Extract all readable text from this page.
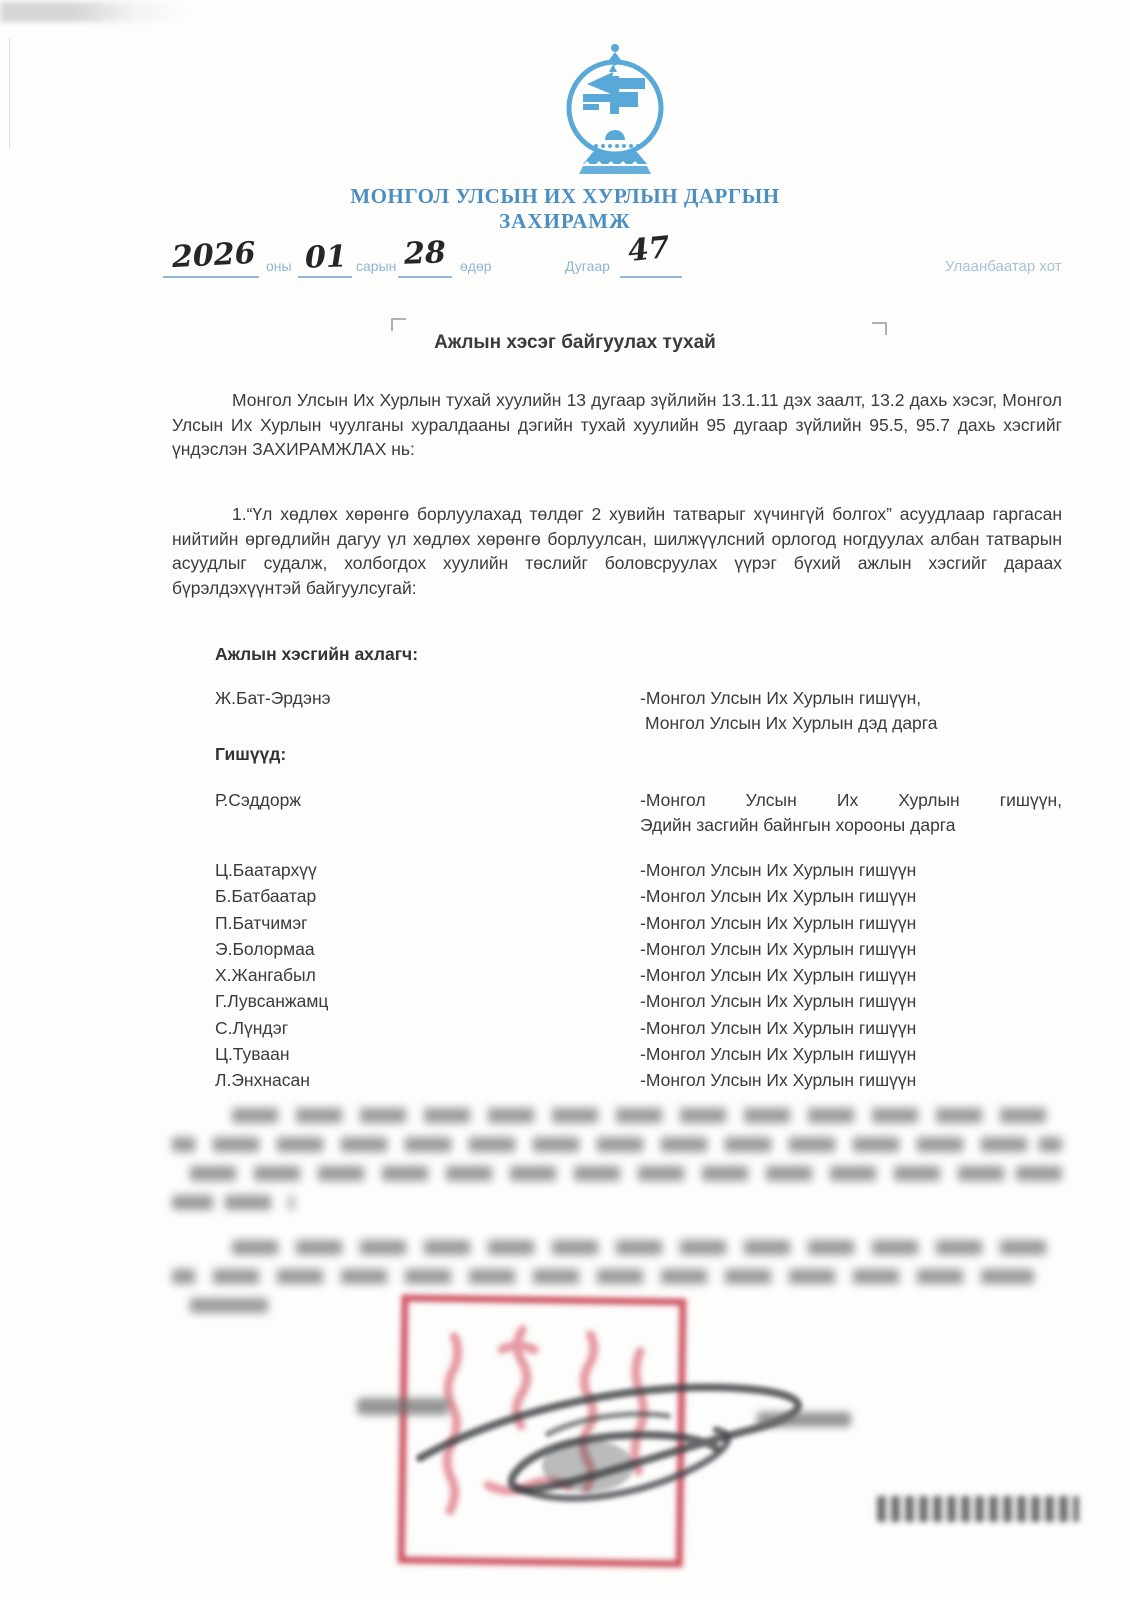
МОНГОЛ УЛСЫН ИХ ХУРЛЫН ДАРГЫН
ЗАХИРАМЖ
2026 оны 01 сарын 28 өдөр	Дугаар 47	Улаанбаатар хот
Ажлын хэсэг байгуулах тухай
Монгол Улсын Их Хурлын тухай хуулийн 13 дугаар зүйлийн 13.1.11 дэх заалт, 13.2 дахь хэсэг, Монгол Улсын Их Хурлын чуулганы хуралдааны дэгийн тухай хуулийн 95 дугаар зүйлийн 95.5, 95.7 дахь хэсгийг үндэслэн ЗАХИРАМЖЛАХ нь:
1.“Үл хөдлөх хөрөнгө борлуулахад төлдөг 2 хувийн татварыг хүчингүй болгох” асуудлаар гаргасан нийтийн өргөдлийн дагуу үл хөдлөх хөрөнгө борлуулсан, шилжүүлсний орлогод ногдуулах албан татварын асуудлыг судалж, холбогдох хуулийн төслийг боловсруулах үүрэг бүхий ажлын хэсгийг дараах бүрэлдэхүүнтэй байгуулсугай:
Ажлын хэсгийн ахлагч:
Ж.Бат-Эрдэнэ	-Монгол Улсын Их Хурлын гишүүн,
Монгол Улсын Их Хурлын дэд дарга
Гишүүд:
Р.Сэддорж	-Монгол Улсын Их Хурлын гишүүн,
Эдийн засгийн байнгын хорооны дарга
Ц.Баатархүү	-Монгол Улсын Их Хурлын гишүүн
Б.Батбаатар	-Монгол Улсын Их Хурлын гишүүн
П.Батчимэг	-Монгол Улсын Их Хурлын гишүүн
Э.Болормаа	-Монгол Улсын Их Хурлын гишүүн
Х.Жангабыл	-Монгол Улсын Их Хурлын гишүүн
Г.Лувсанжамц	-Монгол Улсын Их Хурлын гишүүн
С.Лүндэг	-Монгол Улсын Их Хурлын гишүүн
Ц.Туваан	-Монгол Улсын Их Хурлын гишүүн
Л.Энхнасан	-Монгол Улсын Их Хурлын гишүүн
